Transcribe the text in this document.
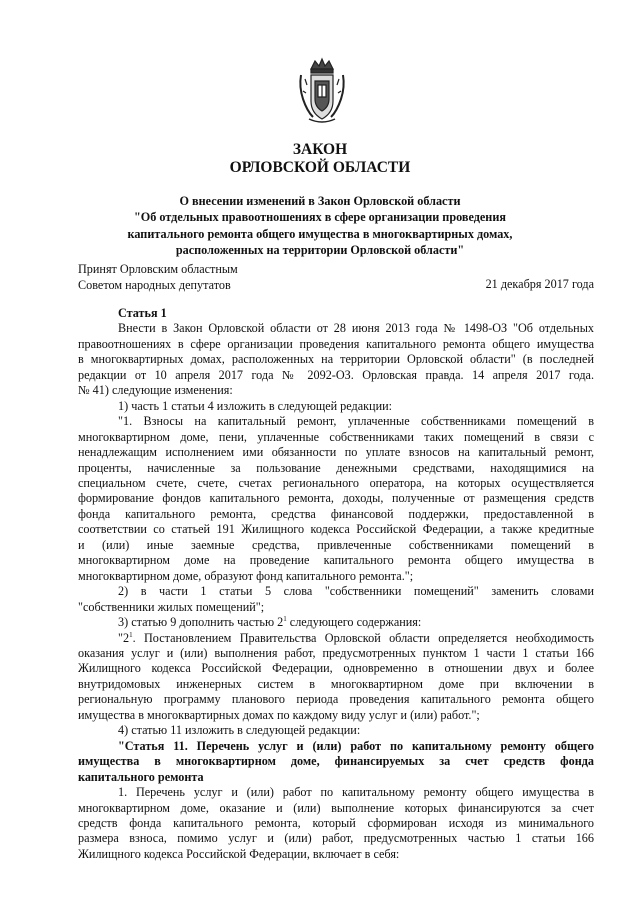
ЗАКОН
ОРЛОВСКОЙ ОБЛАСТИ
О внесении изменений в Закон Орловской области
"Об отдельных правоотношениях в сфере организации проведения
капитального ремонта общего имущества в многоквартирных домах,
расположенных на территории Орловской области"
Принят Орловским областным
Советом народных депутатов	21 декабря 2017 года
Статья 1
Внести в Закон Орловской области от 28 июня 2013 года № 1498-ОЗ "Об отдельных
правоотношениях в сфере организации проведения капитального ремонта общего имущества
в многоквартирных домах, расположенных на территории Орловской области" (в последней
редакции от 10 апреля 2017 года № 2092-ОЗ. Орловская правда. 14 апреля 2017 года.
№ 41) следующие изменения:
1) часть 1 статьи 4 изложить в следующей редакции:
"1. Взносы на капитальный ремонт, уплаченные собственниками помещений в
многоквартирном доме, пени, уплаченные собственниками таких помещений в связи с
ненадлежащим исполнением ими обязанности по уплате взносов на капитальный ремонт,
проценты, начисленные за пользование денежными средствами, находящимися на
специальном счете, счете, счетах регионального оператора, на которых осуществляется
формирование фондов капитального ремонта, доходы, полученные от размещения средств
фонда капитального ремонта, средства финансовой поддержки, предоставленной в
соответствии со статьей 191 Жилищного кодекса Российской Федерации, а также кредитные
и (или) иные заемные средства, привлеченные собственниками помещений в
многоквартирном доме на проведение капитального ремонта общего имущества в
многоквартирном доме, образуют фонд капитального ремонта.";
2) в части 1 статьи 5 слова "собственники помещений" заменить словами
"собственники жилых помещений";
3) статью 9 дополнить частью $2^1$ следующего содержания:
"$2^1$. Постановлением Правительства Орловской области определяется необходимость
оказания услуг и (или) выполнения работ, предусмотренных пунктом 1 части 1 статьи 166
Жилищного кодекса Российской Федерации, одновременно в отношении двух и более
внутридомовых инженерных систем в многоквартирном доме при включении в
региональную программу планового периода проведения капитального ремонта общего
имущества в многоквартирных домах по каждому виду услуг и (или) работ.";
4) статью 11 изложить в следующей редакции:
"Статья 11. Перечень услуг и (или) работ по капитальному ремонту общего
имущества в многоквартирном доме, финансируемых за счет средств фонда
капитального ремонта
1. Перечень услуг и (или) работ по капитальному ремонту общего имущества в
многоквартирном доме, оказание и (или) выполнение которых финансируются за счет
средств фонда капитального ремонта, который сформирован исходя из минимального
размера взноса, помимо услуг и (или) работ, предусмотренных частью 1 статьи 166
Жилищного кодекса Российской Федерации, включает в себя:
